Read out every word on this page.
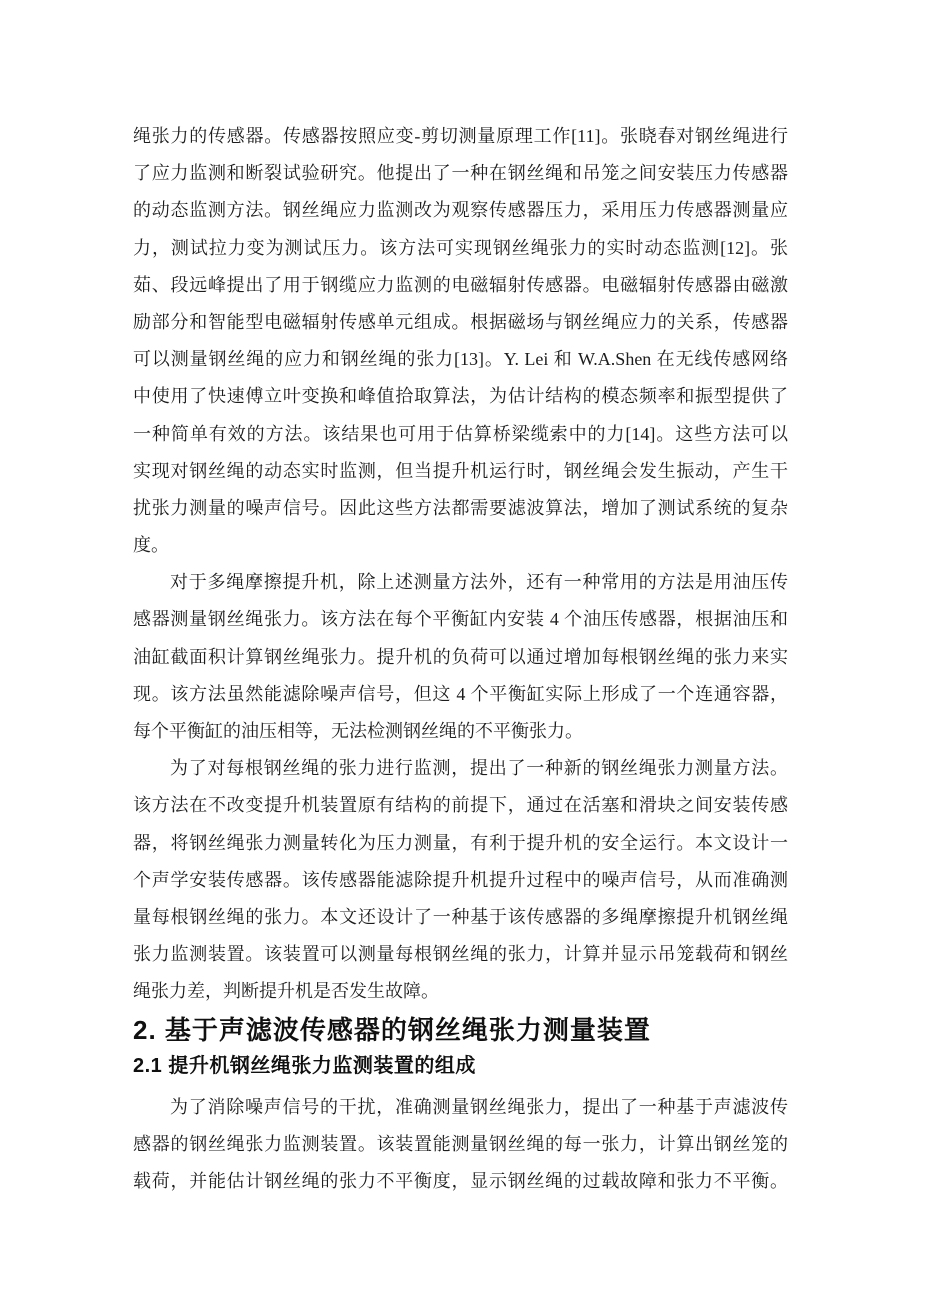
绳张力的传感器。传感器按照应变-剪切测量原理工作[11]。张晓春对钢丝绳进行
了应力监测和断裂试验研究。他提出了一种在钢丝绳和吊笼之间安装压力传感器
的动态监测方法。钢丝绳应力监测改为观察传感器压力，采用压力传感器测量应
力，测试拉力变为测试压力。该方法可实现钢丝绳张力的实时动态监测[12]。张
茹、段远峰提出了用于钢缆应力监测的电磁辐射传感器。电磁辐射传感器由磁激
励部分和智能型电磁辐射传感单元组成。根据磁场与钢丝绳应力的关系，传感器
可以测量钢丝绳的应力和钢丝绳的张力[13]。Y. Lei 和 W.A.Shen 在无线传感网络
中使用了快速傅立叶变换和峰值拾取算法，为估计结构的模态频率和振型提供了
一种简单有效的方法。该结果也可用于估算桥梁缆索中的力[14]。这些方法可以
实现对钢丝绳的动态实时监测，但当提升机运行时，钢丝绳会发生振动，产生干
扰张力测量的噪声信号。因此这些方法都需要滤波算法，增加了测试系统的复杂
度。
对于多绳摩擦提升机，除上述测量方法外，还有一种常用的方法是用油压传
感器测量钢丝绳张力。该方法在每个平衡缸内安装 4 个油压传感器，根据油压和
油缸截面积计算钢丝绳张力。提升机的负荷可以通过增加每根钢丝绳的张力来实
现。该方法虽然能滤除噪声信号，但这 4 个平衡缸实际上形成了一个连通容器，
每个平衡缸的油压相等，无法检测钢丝绳的不平衡张力。
为了对每根钢丝绳的张力进行监测，提出了一种新的钢丝绳张力测量方法。
该方法在不改变提升机装置原有结构的前提下，通过在活塞和滑块之间安装传感
器，将钢丝绳张力测量转化为压力测量，有利于提升机的安全运行。本文设计一
个声学安装传感器。该传感器能滤除提升机提升过程中的噪声信号，从而准确测
量每根钢丝绳的张力。本文还设计了一种基于该传感器的多绳摩擦提升机钢丝绳
张力监测装置。该装置可以测量每根钢丝绳的张力，计算并显示吊笼载荷和钢丝
绳张力差，判断提升机是否发生故障。
2. 基于声滤波传感器的钢丝绳张力测量装置
2.1 提升机钢丝绳张力监测装置的组成
为了消除噪声信号的干扰，准确测量钢丝绳张力，提出了一种基于声滤波传
感器的钢丝绳张力监测装置。该装置能测量钢丝绳的每一张力，计算出钢丝笼的
载荷，并能估计钢丝绳的张力不平衡度，显示钢丝绳的过载故障和张力不平衡。
